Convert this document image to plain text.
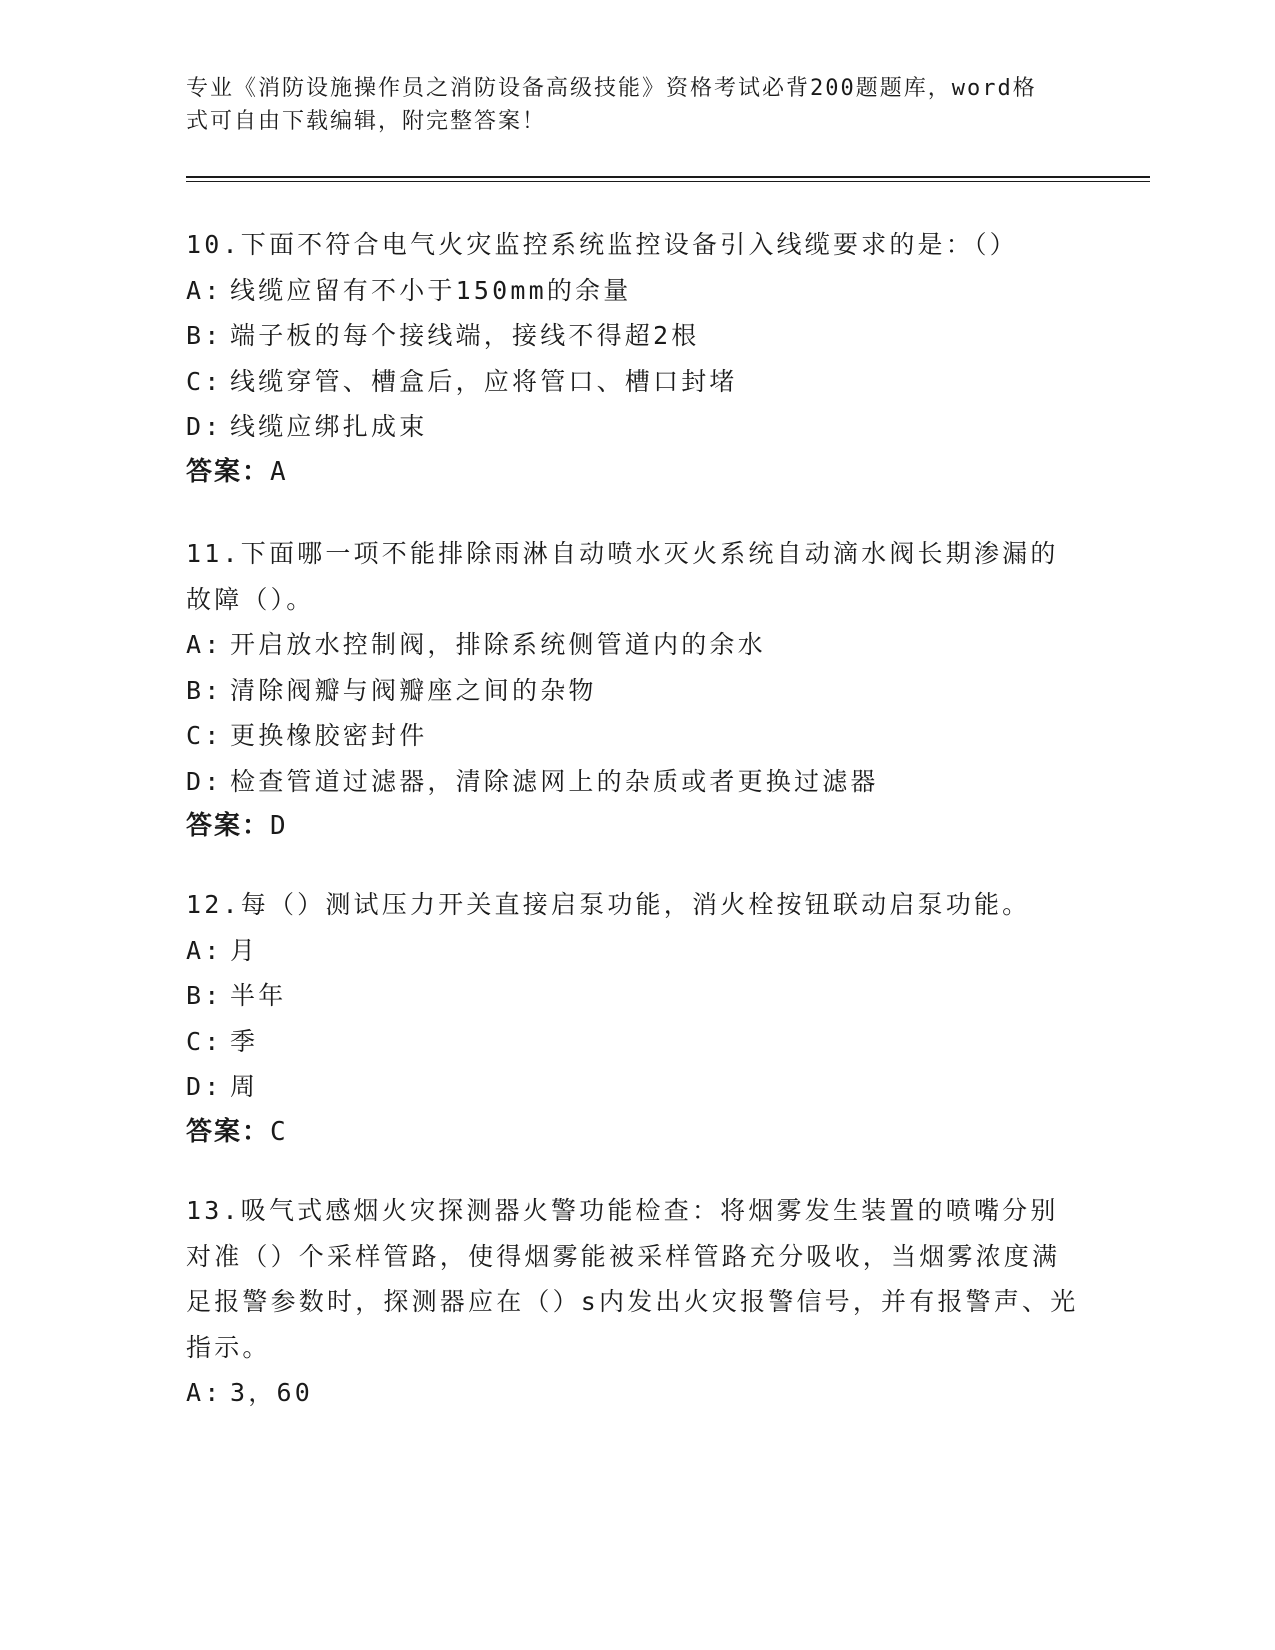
专业《消防设施操作员之消防设备高级技能》资格考试必背200题题库，word格
式可自由下载编辑，附完整答案！

10.下面不符合电气火灾监控系统监控设备引入线缆要求的是：（）

A: 线缆应留有不小于150mm的余量

B: 端子板的每个接线端，接线不得超2根

C: 线缆穿管、槽盒后，应将管口、槽口封堵

D: 线缆应绑扎成束

答案：A

11.下面哪一项不能排除雨淋自动喷水灭火系统自动滴水阀长期渗漏的故障（）。

A: 开启放水控制阀，排除系统侧管道内的余水

B: 清除阀瓣与阀瓣座之间的杂物

C: 更换橡胶密封件

D: 检查管道过滤器，清除滤网上的杂质或者更换过滤器

答案：D

12.每（）测试压力开关直接启泵功能，消火栓按钮联动启泵功能。

A: 月

B: 半年

C: 季

D: 周

答案：C

13.吸气式感烟火灾探测器火警功能检查：将烟雾发生装置的喷嘴分别对准（）个采样管路，使得烟雾能被采样管路充分吸收，当烟雾浓度满足报警参数时，探测器应在（）s内发出火灾报警信号，并有报警声、光指示。

A: 3，60
